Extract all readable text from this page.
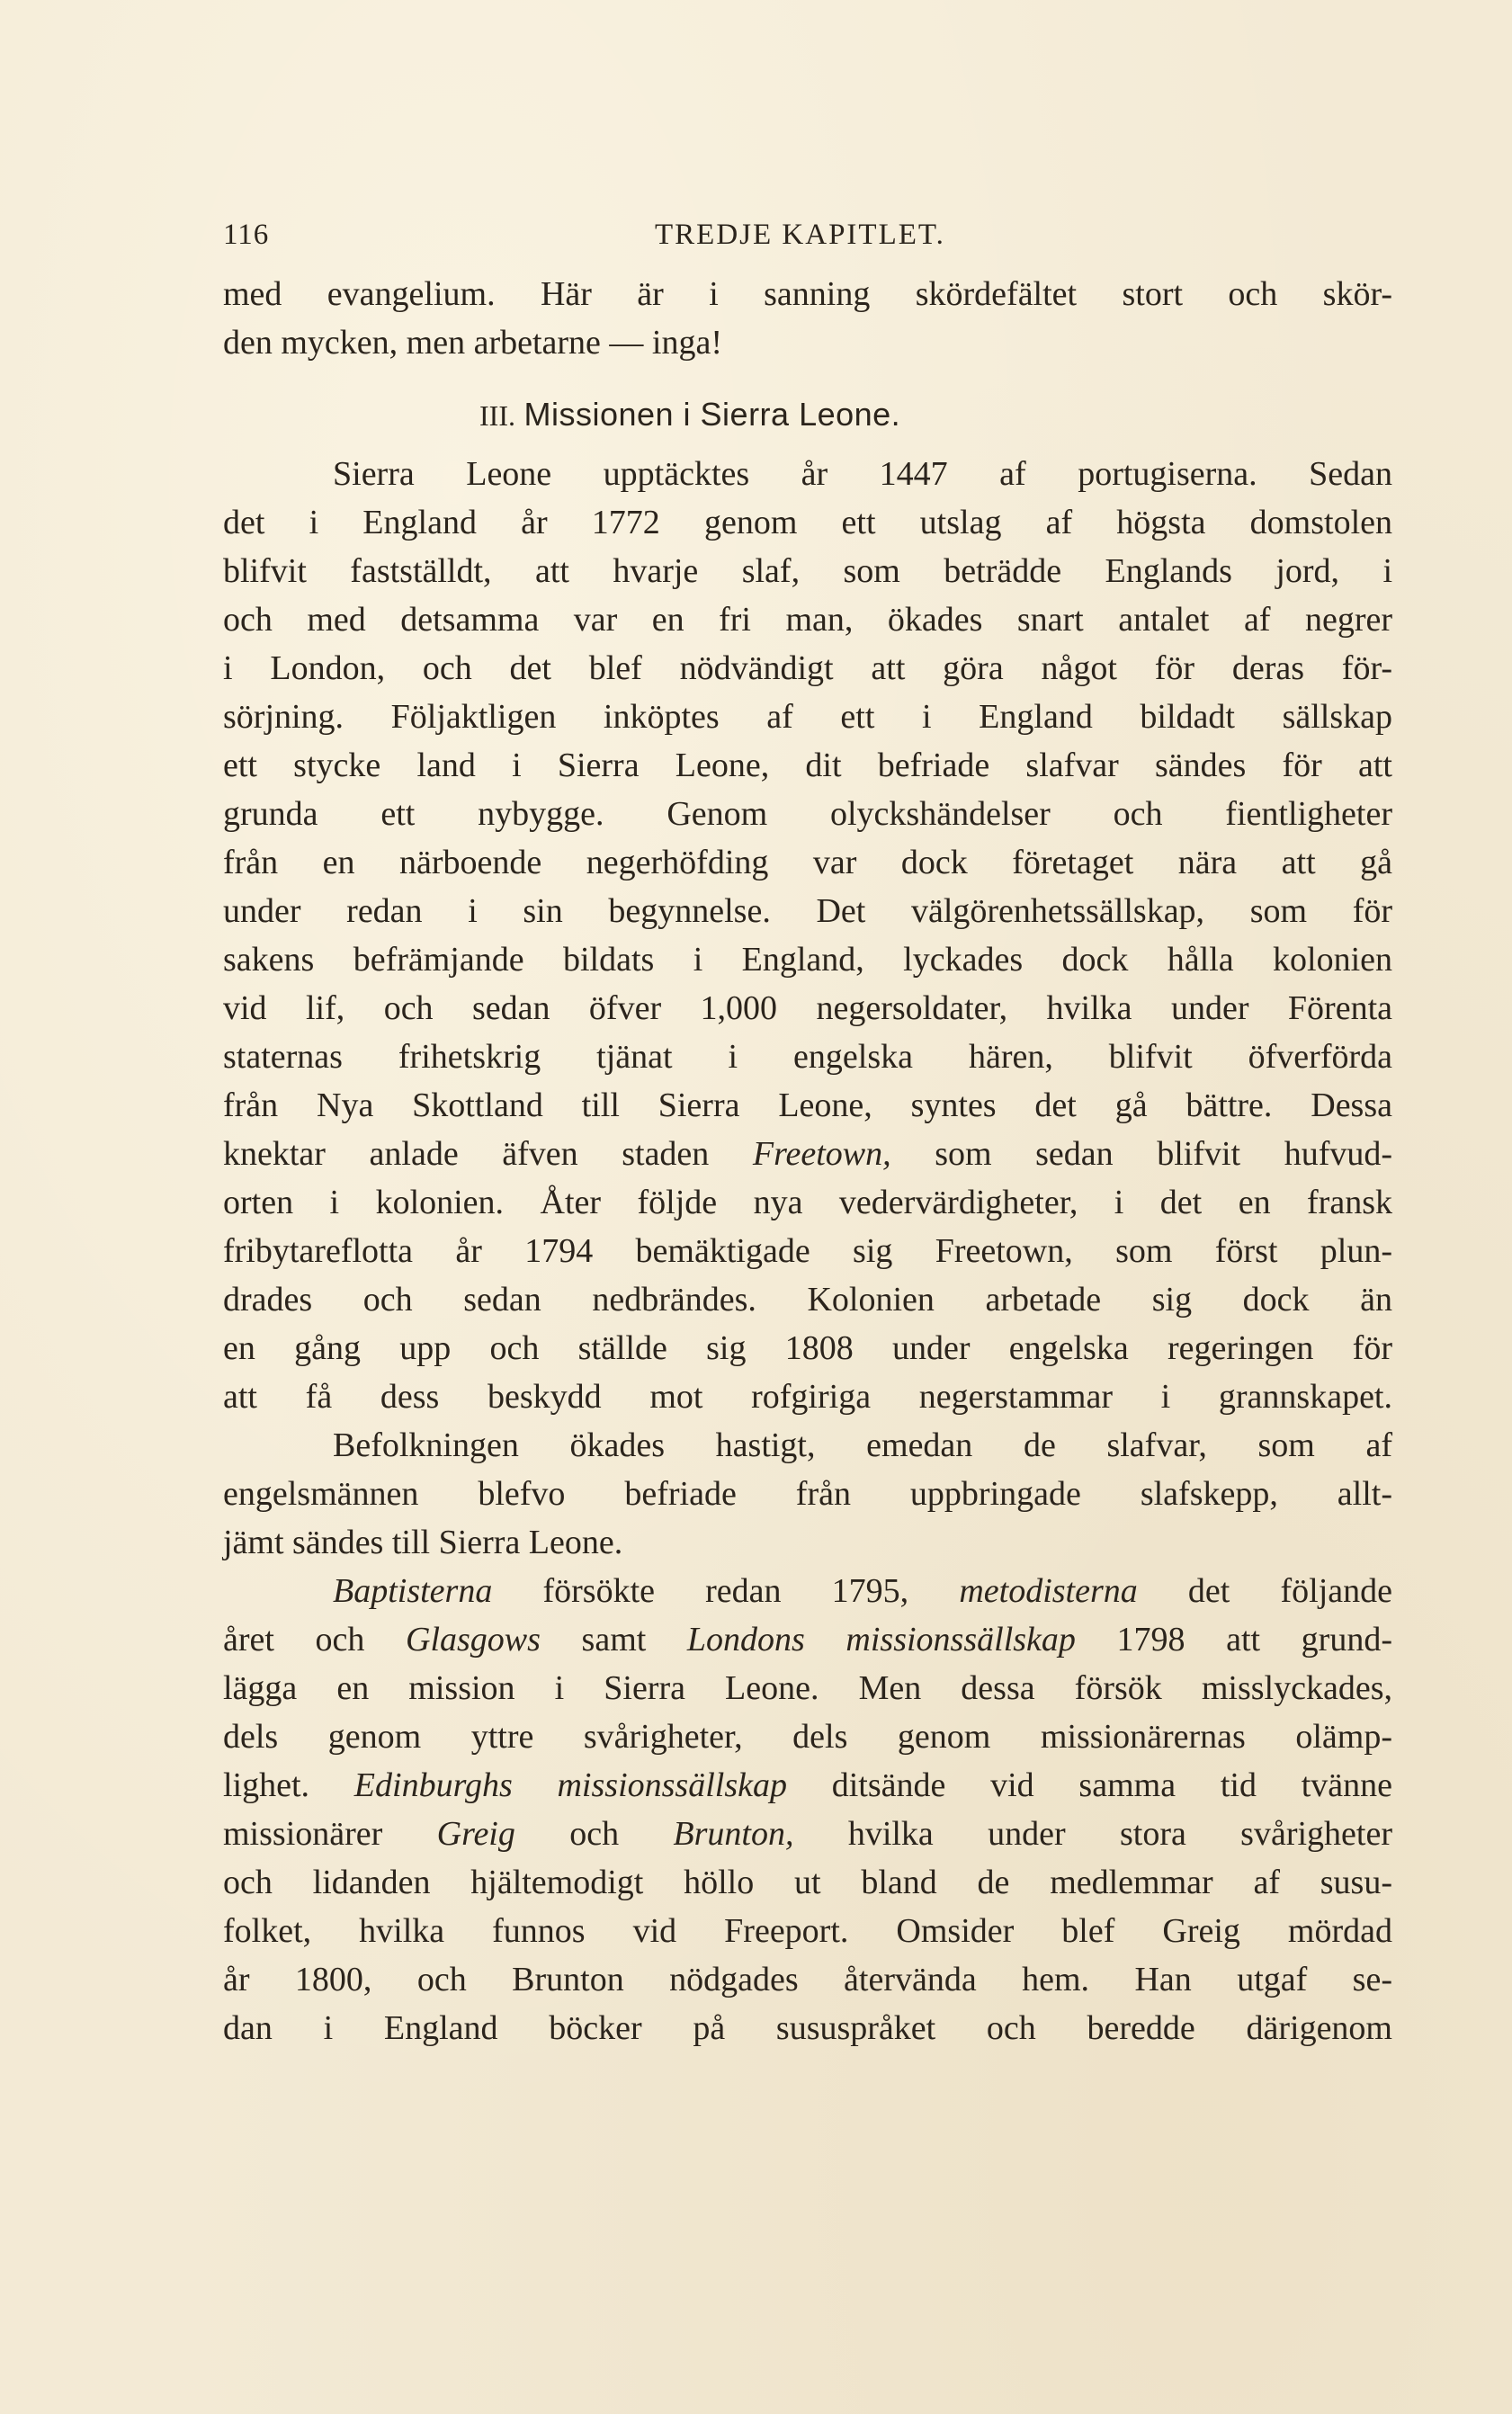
116	TREDJE KAPITLET.
med evangelium. Här är i sanning skördefältet stort och skör-
den mycken, men arbetarne — inga!
III. Missionen i Sierra Leone.
Sierra Leone upptäcktes år 1447 af portugiserna. Sedan
det i England år 1772 genom ett utslag af högsta domstolen
blifvit fastställdt, att hvarje slaf, som beträdde Englands jord, i
och med detsamma var en fri man, ökades snart antalet af negrer
i London, och det blef nödvändigt att göra något för deras för-
sörjning. Följaktligen inköptes af ett i England bildadt sällskap
ett stycke land i Sierra Leone, dit befriade slafvar sändes för att
grunda ett nybygge. Genom olyckshändelser och fientligheter
från en närboende negerhöfding var dock företaget nära att gå
under redan i sin begynnelse. Det välgörenhetssällskap, som för
sakens befrämjande bildats i England, lyckades dock hålla kolonien
vid lif, och sedan öfver 1,000 negersoldater, hvilka under Förenta
staternas frihetskrig tjänat i engelska hären, blifvit öfverförda
från Nya Skottland till Sierra Leone, syntes det gå bättre. Dessa
knektar anlade äfven staden Freetown, som sedan blifvit hufvud-
orten i kolonien. Åter följde nya vedervärdigheter, i det en fransk
fribytareflotta år 1794 bemäktigade sig Freetown, som först plun-
drades och sedan nedbrändes. Kolonien arbetade sig dock än
en gång upp och ställde sig 1808 under engelska regeringen för
att få dess beskydd mot rofgiriga negerstammar i grannskapet.
Befolkningen ökades hastigt, emedan de slafvar, som af
engelsmännen blefvo befriade från uppbringade slafskepp, allt-
jämt sändes till Sierra Leone.
Baptisterna försökte redan 1795, metodisterna det följande
året och Glasgows samt Londons missionssällskap 1798 att grund-
lägga en mission i Sierra Leone. Men dessa försök misslyckades,
dels genom yttre svårigheter, dels genom missionärernas olämp-
lighet. Edinburghs missionssällskap ditsände vid samma tid tvänne
missionärer Greig och Brunton, hvilka under stora svårigheter
och lidanden hjältemodigt höllo ut bland de medlemmar af susu-
folket, hvilka funnos vid Freeport. Omsider blef Greig mördad
år 1800, och Brunton nödgades återvända hem. Han utgaf se-
dan i England böcker på sususpråket och beredde därigenom
